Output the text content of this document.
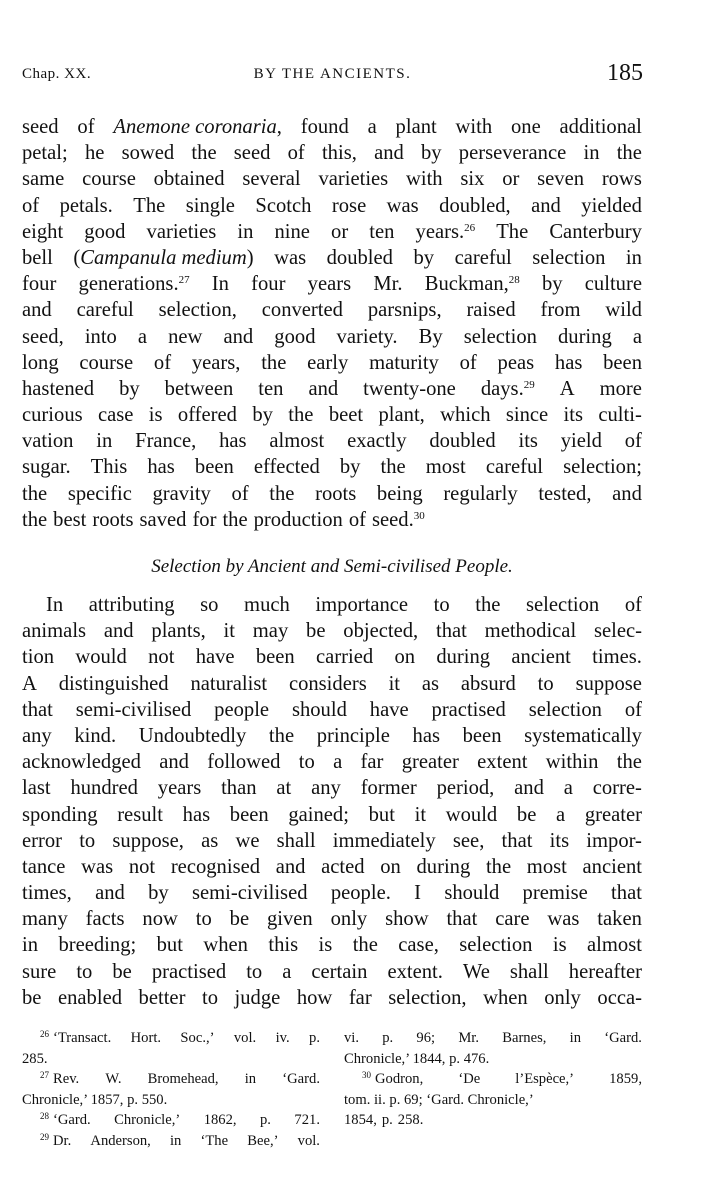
Chap. XX.	BY THE ANCIENTS.	185
seed of Anemone coronaria, found a plant with one additional
petal; he sowed the seed of this, and by perseverance in the
same course obtained several varieties with six or seven rows
of petals. The single Scotch rose was doubled, and yielded
eight good varieties in nine or ten years.$^{26}$ The Canterbury
bell (Campanula medium) was doubled by careful selection in
four generations.$^{27}$ In four years Mr. Buckman,$^{28}$ by culture
and careful selection, converted parsnips, raised from wild
seed, into a new and good variety. By selection during a
long course of years, the early maturity of peas has been
hastened by between ten and twenty-one days.$^{29}$ A more
curious case is offered by the beet plant, which since its culti-
vation in France, has almost exactly doubled its yield of
sugar. This has been effected by the most careful selection;
the specific gravity of the roots being regularly tested, and
the best roots saved for the production of seed.$^{30}$
Selection by Ancient and Semi-civilised People.
In attributing so much importance to the selection of
animals and plants, it may be objected, that methodical selec-
tion would not have been carried on during ancient times.
A distinguished naturalist considers it as absurd to suppose
that semi-civilised people should have practised selection of
any kind. Undoubtedly the principle has been systematically
acknowledged and followed to a far greater extent within the
last hundred years than at any former period, and a corre-
sponding result has been gained; but it would be a greater
error to suppose, as we shall immediately see, that its impor-
tance was not recognised and acted on during the most ancient
times, and by semi-civilised people. I should premise that
many facts now to be given only show that care was taken
in breeding; but when this is the case, selection is almost
sure to be practised to a certain extent. We shall hereafter
be enabled better to judge how far selection, when only occa-
$^{26}$ ‘Transact. Hort. Soc.,’ vol. iv. p.
285.
$^{27}$ Rev. W. Bromehead, in ‘Gard.
Chronicle,’ 1857, p. 550.
$^{28}$ ‘Gard. Chronicle,’ 1862, p. 721.
$^{29}$ Dr. Anderson, in ‘The Bee,’ vol.
vi. p. 96; Mr. Barnes, in ‘Gard.
Chronicle,’ 1844, p. 476.
$^{30}$ Godron, ‘De l’Espèce,’ 1859,
tom. ii. p. 69; ‘Gard. Chronicle,’
1854, p. 258.
